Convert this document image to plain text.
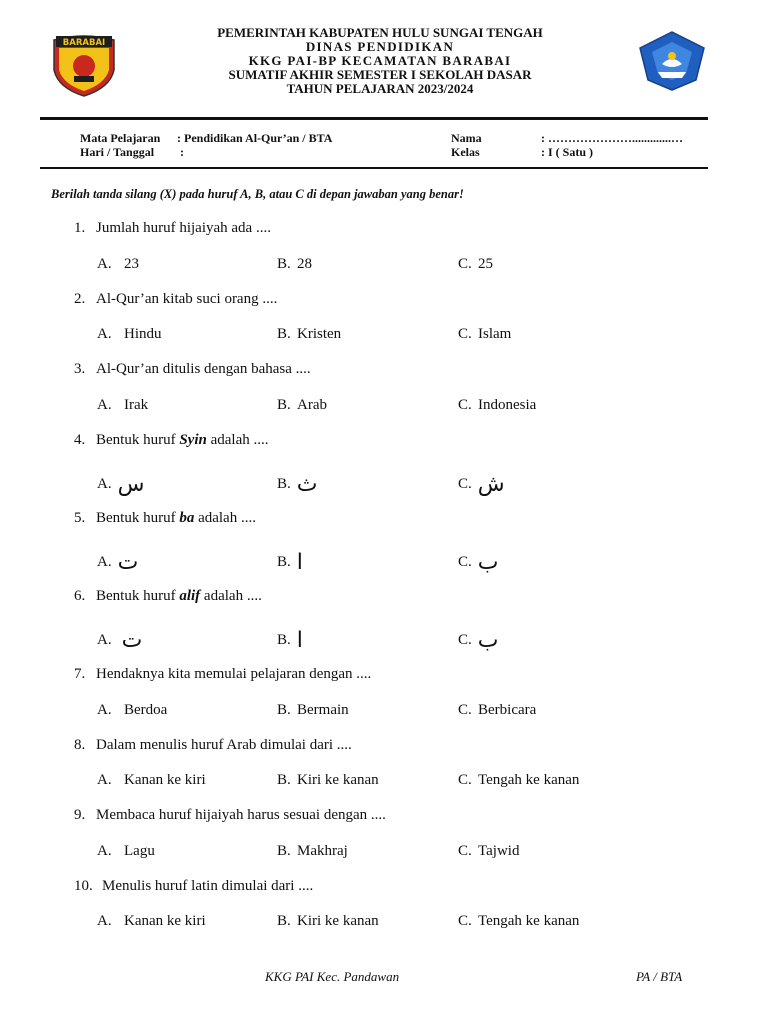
BARABAI
PEMERINTAH KABUPATEN HULU SUNGAI TENGAH
DINAS PENDIDIKAN
KKG PAI-BP KECAMATAN BARABAI
SUMATIF AKHIR SEMESTER I SEKOLAH DASAR
TAHUN PELAJARAN 2023/2024
Mata Pelajaran : Pendidikan Al-Qur’an / BTA
Hari / Tanggal :
Nama	: ………………….............…
Kelas	: I ( Satu )
Berilah tanda silang (X) pada huruf A, B, atau C di depan jawaban yang benar!
1. Jumlah huruf hijaiyah ada ....
A. 23	B. 28	C. 25
2. Al-Qur’an kitab suci orang ....
A. Hindu	B. Kristen	C. Islam
3. Al-Qur’an ditulis dengan bahasa ....
A. Irak	B. Arab	C. Indonesia
4. Bentuk huruf Syin adalah ....
A. س	B. ث	C. ش
5. Bentuk huruf ba adalah ....
A. ت	B. ا	C. ب
6. Bentuk huruf alif adalah ....
A. ت	B. ا	C. ب
7. Hendaknya kita memulai pelajaran dengan ....
A. Berdoa	B. Bermain	C. Berbicara
8. Dalam menulis huruf Arab dimulai dari ....
A. Kanan ke kiri	B. Kiri ke kanan	C. Tengah ke kanan
9. Membaca huruf hijaiyah harus sesuai dengan ....
A. Lagu	B. Makhraj	C. Tajwid
10. Menulis huruf latin dimulai dari ....
A. Kanan ke kiri	B. Kiri ke kanan	C. Tengah ke kanan
KKG PAI Kec. Pandawan	PA / BTA
